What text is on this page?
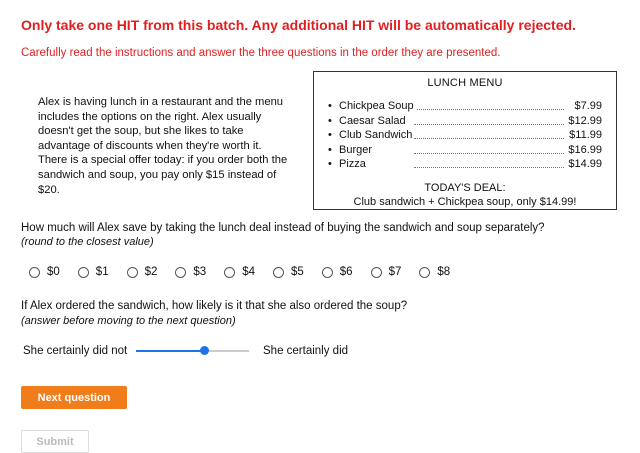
Only take one HIT from this batch. Any additional HIT will be automatically rejected.
Carefully read the instructions and answer the three questions in the order they are presented.
Alex is having lunch in a restaurant and the menu includes the options on the right. Alex usually doesn't get the soup, but she likes to take advantage of discounts when they're worth it. There is a special offer today: if you order both the sandwich and soup, you pay only $15 instead of $20.
LUNCH MENU
• Chickpea Soup	$7.99
• Caesar Salad	$12.99
• Club Sandwich	$11.99
• Burger	$16.99
• Pizza	$14.99
TODAY'S DEAL:
Club sandwich + Chickpea soup, only $14.99!
How much will Alex save by taking the lunch deal instead of buying the sandwich and soup separately?
(round to the closest value)
$0	$1	$2	$3	$4	$5	$6	$7	$8
If Alex ordered the sandwich, how likely is it that she also ordered the soup?
(answer before moving to the next question)
She certainly did not	She certainly did
Next question
Submit
